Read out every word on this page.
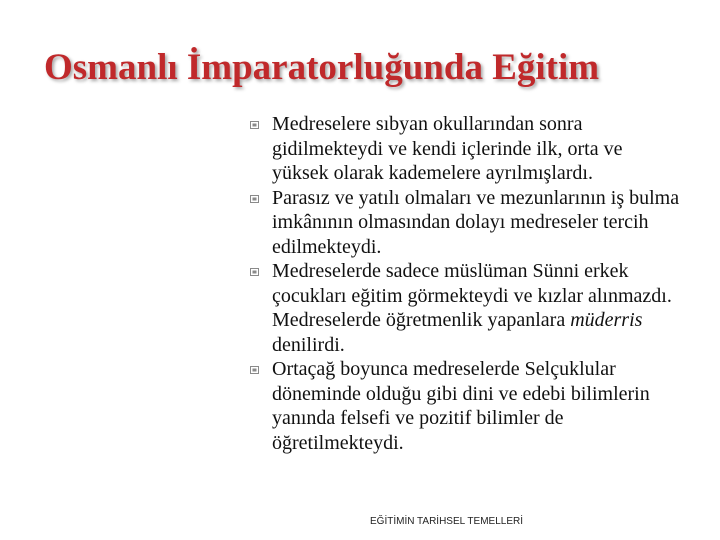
Osmanlı İmparatorluğunda Eğitim
Medreselere sıbyan okullarından sonra gidilmekteydi ve kendi içlerinde ilk, orta ve yüksek olarak kademelere ayrılmışlardı.
Parasız ve yatılı olmaları ve mezunlarının iş bulma imkânının olmasından dolayı medreseler tercih edilmekteydi.
Medreselerde sadece müslüman Sünni erkek çocukları eğitim görmekteydi ve kızlar alınmazdı. Medreselerde öğretmenlik yapanlara müderris denilirdi.
Ortaçağ boyunca medreselerde Selçuklular döneminde olduğu gibi dini ve edebi bilimlerin yanında felsefi ve pozitif bilimler de öğretilmekteydi.
EĞİTİMİN TARİHSEL TEMELLERİ
